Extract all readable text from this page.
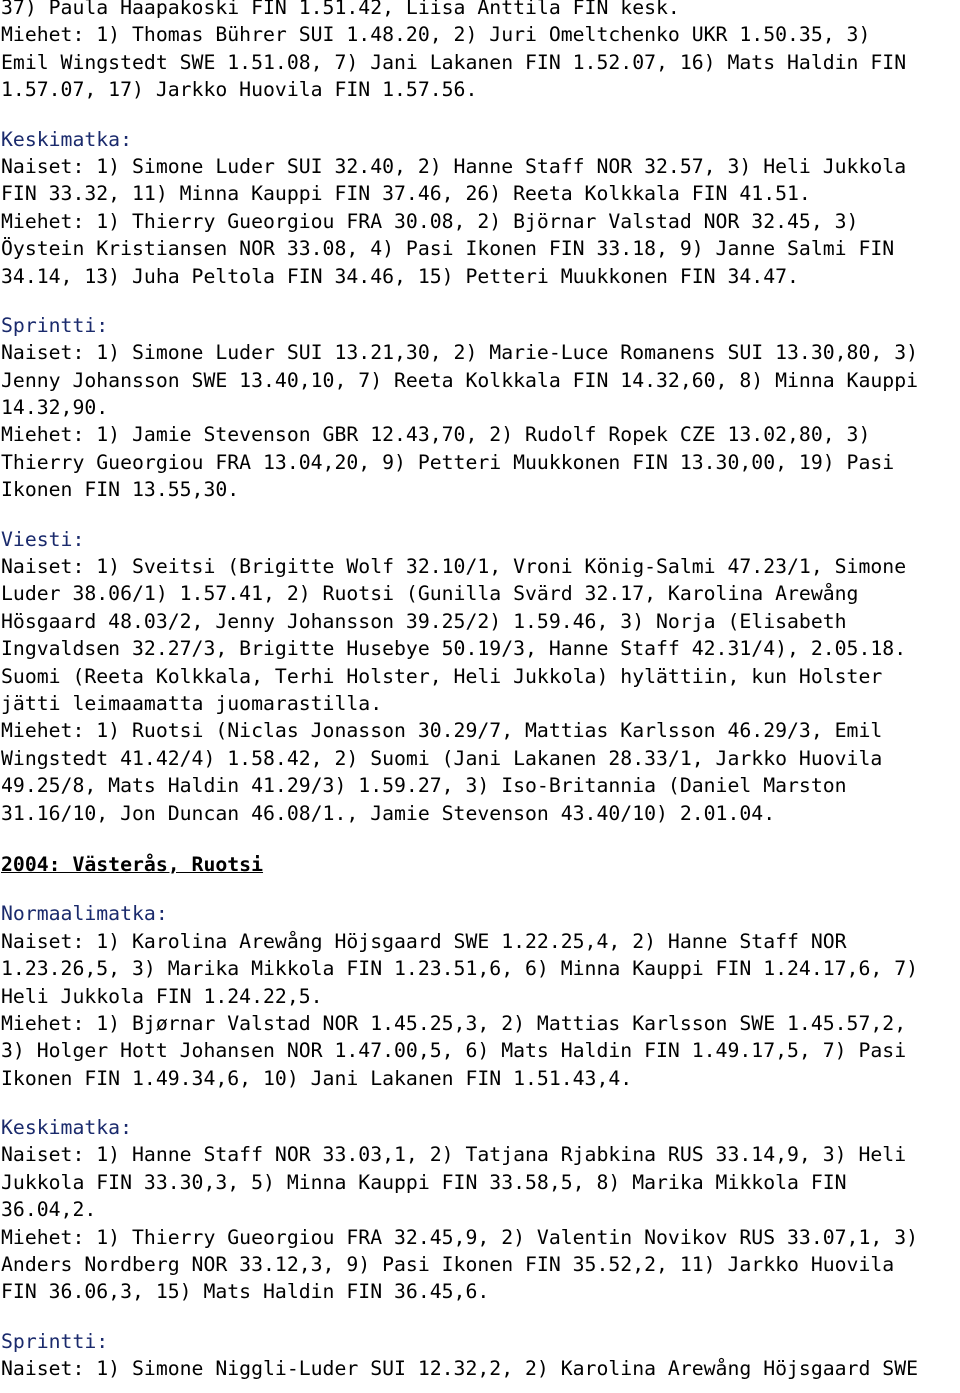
37) Paula Haapakoski FIN 1.51.42, Liisa Anttila FIN kesk.
Miehet: 1) Thomas Bührer SUI 1.48.20, 2) Juri Omeltchenko UKR 1.50.35, 3)
Emil Wingstedt SWE 1.51.08, 7) Jani Lakanen FIN 1.52.07, 16) Mats Haldin FIN
1.57.07, 17) Jarkko Huovila FIN 1.57.56.
Keskimatka:
Naiset: 1) Simone Luder SUI 32.40, 2) Hanne Staff NOR 32.57, 3) Heli Jukkola
FIN 33.32, 11) Minna Kauppi FIN 37.46, 26) Reeta Kolkkala FIN 41.51.
Miehet: 1) Thierry Gueorgiou FRA 30.08, 2) Björnar Valstad NOR 32.45, 3)
Öystein Kristiansen NOR 33.08, 4) Pasi Ikonen FIN 33.18, 9) Janne Salmi FIN
34.14, 13) Juha Peltola FIN 34.46, 15) Petteri Muukkonen FIN 34.47.
Sprintti:
Naiset: 1) Simone Luder SUI 13.21,30, 2) Marie-Luce Romanens SUI 13.30,80, 3)
Jenny Johansson SWE 13.40,10, 7) Reeta Kolkkala FIN 14.32,60, 8) Minna Kauppi
14.32,90.
Miehet: 1) Jamie Stevenson GBR 12.43,70, 2) Rudolf Ropek CZE 13.02,80, 3)
Thierry Gueorgiou FRA 13.04,20, 9) Petteri Muukkonen FIN 13.30,00, 19) Pasi
Ikonen FIN 13.55,30.
Viesti:
Naiset: 1) Sveitsi (Brigitte Wolf 32.10/1, Vroni König-Salmi 47.23/1, Simone
Luder 38.06/1) 1.57.41, 2) Ruotsi (Gunilla Svärd 32.17, Karolina Arewång
Hösgaard 48.03/2, Jenny Johansson 39.25/2) 1.59.46, 3) Norja (Elisabeth
Ingvaldsen 32.27/3, Brigitte Husebye 50.19/3, Hanne Staff 42.31/4), 2.05.18.
Suomi (Reeta Kolkkala, Terhi Holster, Heli Jukkola) hylättiin, kun Holster
jätti leimaamatta juomarastilla.
Miehet: 1) Ruotsi (Niclas Jonasson 30.29/7, Mattias Karlsson 46.29/3, Emil
Wingstedt 41.42/4) 1.58.42, 2) Suomi (Jani Lakanen 28.33/1, Jarkko Huovila
49.25/8, Mats Haldin 41.29/3) 1.59.27, 3) Iso-Britannia (Daniel Marston
31.16/10, Jon Duncan 46.08/1., Jamie Stevenson 43.40/10) 2.01.04.
2004: Västerås, Ruotsi
Normaalimatka:
Naiset: 1) Karolina Arewång Höjsgaard SWE 1.22.25,4, 2) Hanne Staff NOR
1.23.26,5, 3) Marika Mikkola FIN 1.23.51,6, 6) Minna Kauppi FIN 1.24.17,6, 7)
Heli Jukkola FIN 1.24.22,5.
Miehet: 1) Bjørnar Valstad NOR 1.45.25,3, 2) Mattias Karlsson SWE 1.45.57,2,
3) Holger Hott Johansen NOR 1.47.00,5, 6) Mats Haldin FIN 1.49.17,5, 7) Pasi
Ikonen FIN 1.49.34,6, 10) Jani Lakanen FIN 1.51.43,4.
Keskimatka:
Naiset: 1) Hanne Staff NOR 33.03,1, 2) Tatjana Rjabkina RUS 33.14,9, 3) Heli
Jukkola FIN 33.30,3, 5) Minna Kauppi FIN 33.58,5, 8) Marika Mikkola FIN
36.04,2.
Miehet: 1) Thierry Gueorgiou FRA 32.45,9, 2) Valentin Novikov RUS 33.07,1, 3)
Anders Nordberg NOR 33.12,3, 9) Pasi Ikonen FIN 35.52,2, 11) Jarkko Huovila
FIN 36.06,3, 15) Mats Haldin FIN 36.45,6.
Sprintti:
Naiset: 1) Simone Niggli-Luder SUI 12.32,2, 2) Karolina Arewång Höjsgaard SWE
